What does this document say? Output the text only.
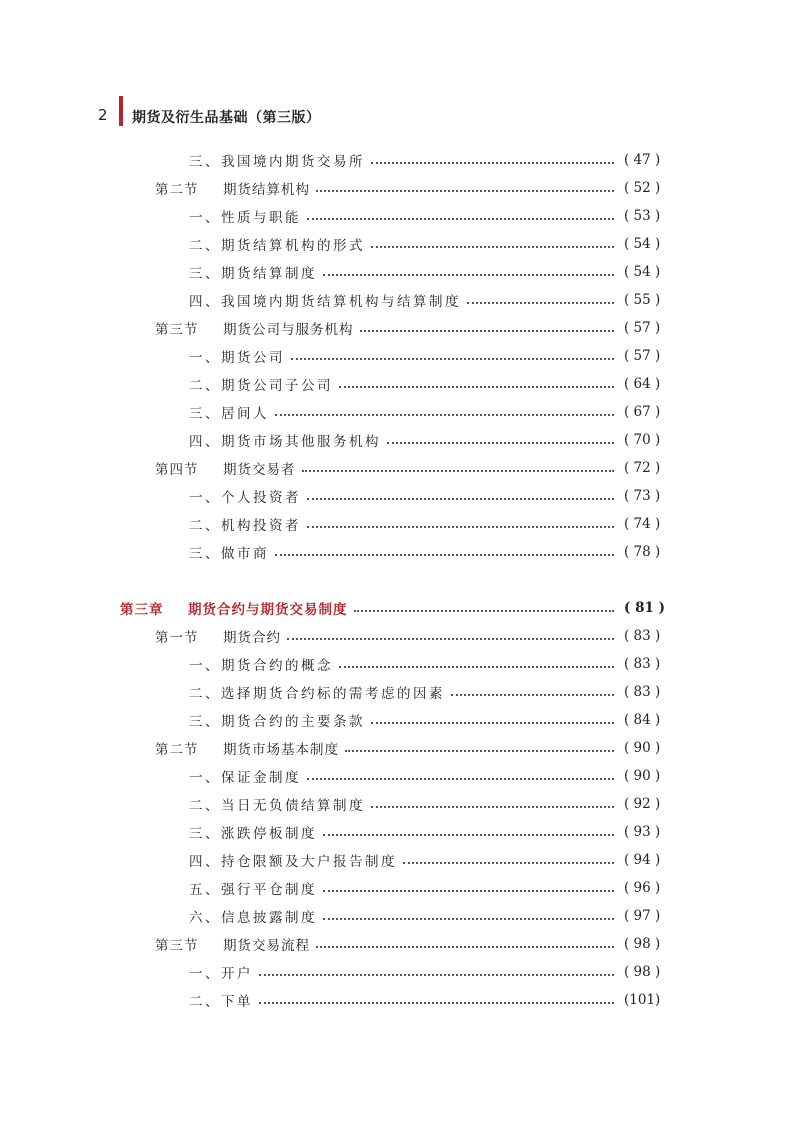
2 期货及衍生品基础（第三版）
三、我国境内期货交易所	( 47 )
第二节 期货结算机构	( 52 )
一、性质与职能	( 53 )
二、期货结算机构的形式	( 54 )
三、期货结算制度	( 54 )
四、我国境内期货结算机构与结算制度	( 55 )
第三节 期货公司与服务机构	( 57 )
一、期货公司	( 57 )
二、期货公司子公司	( 64 )
三、居间人	( 67 )
四、期货市场其他服务机构	( 70 )
第四节 期货交易者	( 72 )
一、个人投资者	( 73 )
二、机构投资者	( 74 )
三、做市商	( 78 )
第三章 期货合约与期货交易制度	( 81 )
第一节 期货合约	( 83 )
一、期货合约的概念	( 83 )
二、选择期货合约标的需考虑的因素	( 83 )
三、期货合约的主要条款	( 84 )
第二节 期货市场基本制度	( 90 )
一、保证金制度	( 90 )
二、当日无负债结算制度	( 92 )
三、涨跌停板制度	( 93 )
四、持仓限额及大户报告制度	( 94 )
五、强行平仓制度	( 96 )
六、信息披露制度	( 97 )
第三节 期货交易流程	( 98 )
一、开户	( 98 )
二、下单	(101)
